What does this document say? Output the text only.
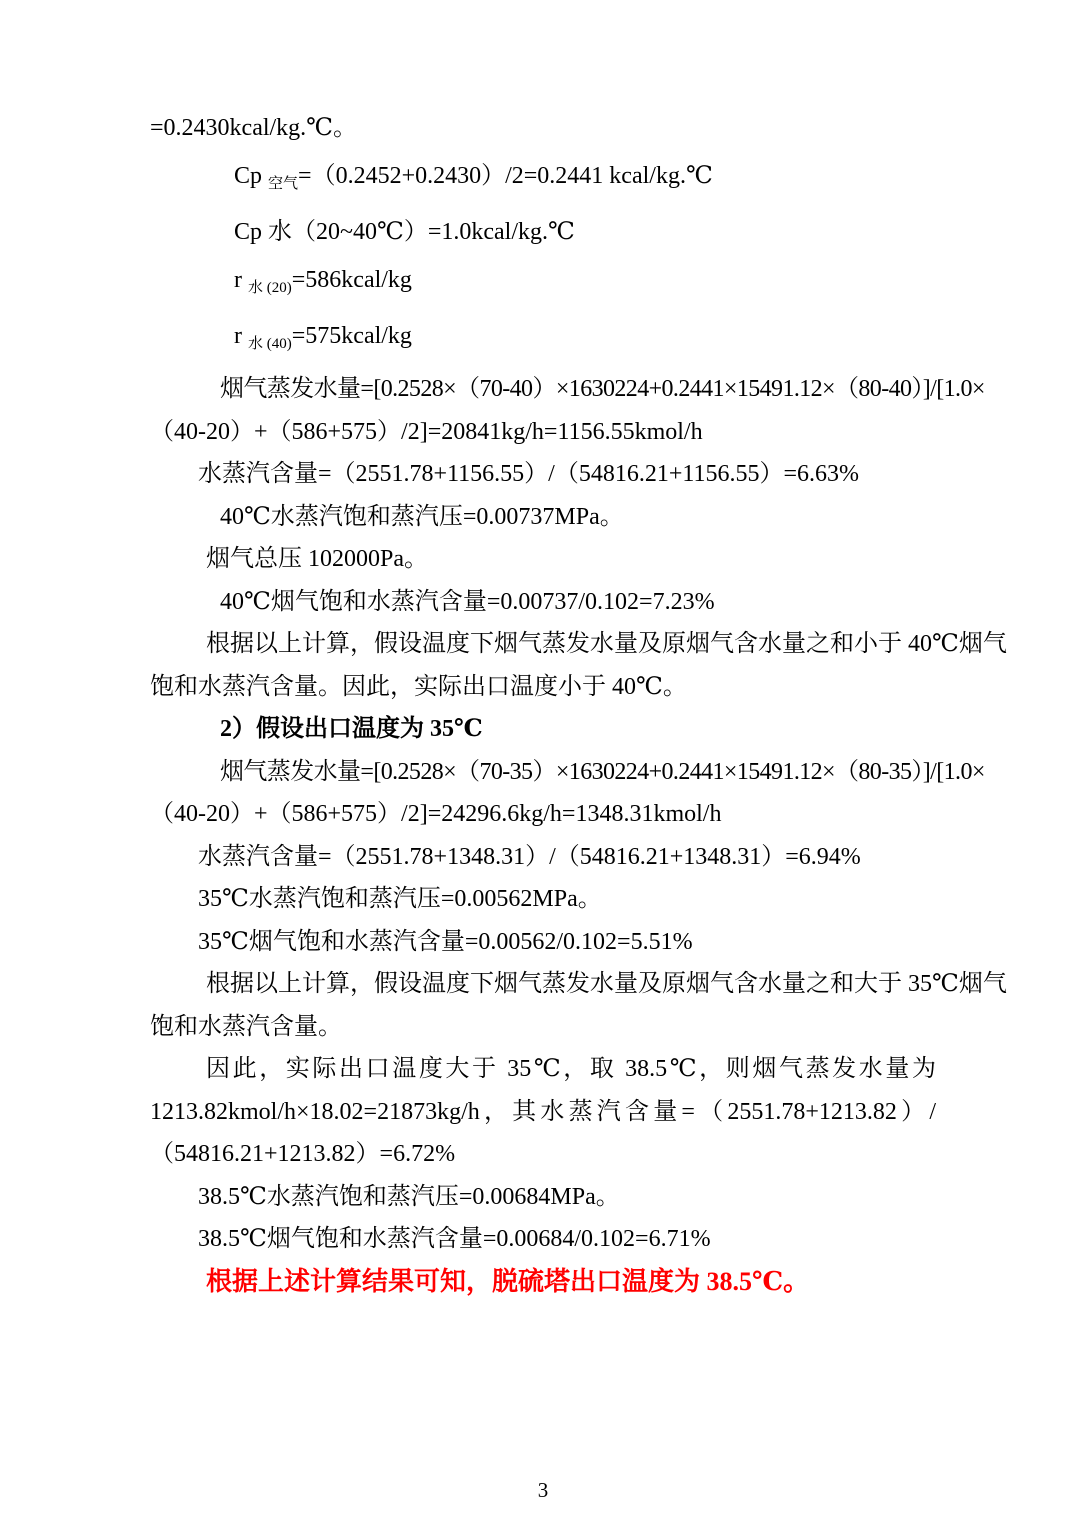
=0.2430kcal/kg.℃。
Cp $_{空气}$=（0.2452+0.2430）/2=0.2441 kcal/kg.℃
Cp 水（20~40℃）=1.0kcal/kg.℃
r $_{水 (20)}$=586kcal/kg
r $_{水 (40)}$=575kcal/kg
烟气蒸发水量=[0.2528×（70-40）×1630224+0.2441×15491.12×（80-40）]/[1.0×
（40-20）+（586+575）/2]=20841kg/h=1156.55kmol/h
水蒸汽含量=（2551.78+1156.55）/（54816.21+1156.55）=6.63%
40℃水蒸汽饱和蒸汽压=0.00737MPa。
烟气总压 102000Pa。
40℃烟气饱和水蒸汽含量=0.00737/0.102=7.23%
根据以上计算，假设温度下烟气蒸发水量及原烟气含水量之和小于 40℃烟气
饱和水蒸汽含量。因此，实际出口温度小于 40℃。
2）假设出口温度为 35℃
烟气蒸发水量=[0.2528×（70-35）×1630224+0.2441×15491.12×（80-35）]/[1.0×
（40-20）+（586+575）/2]=24296.6kg/h=1348.31kmol/h
水蒸汽含量=（2551.78+1348.31）/（54816.21+1348.31）=6.94%
35℃水蒸汽饱和蒸汽压=0.00562MPa。
35℃烟气饱和水蒸汽含量=0.00562/0.102=5.51%
根据以上计算，假设温度下烟气蒸发水量及原烟气含水量之和大于 35℃烟气
饱和水蒸汽含量。
因此，实际出口温度大于 35℃，取 38.5℃，则烟气蒸发水量为
1213.82kmol/h×18.02=21873kg/h，其水蒸汽含量=（2551.78+1213.82）/
（54816.21+1213.82）=6.72%
38.5℃水蒸汽饱和蒸汽压=0.00684MPa。
38.5℃烟气饱和水蒸汽含量=0.00684/0.102=6.71%
根据上述计算结果可知，脱硫塔出口温度为 38.5℃。
3
